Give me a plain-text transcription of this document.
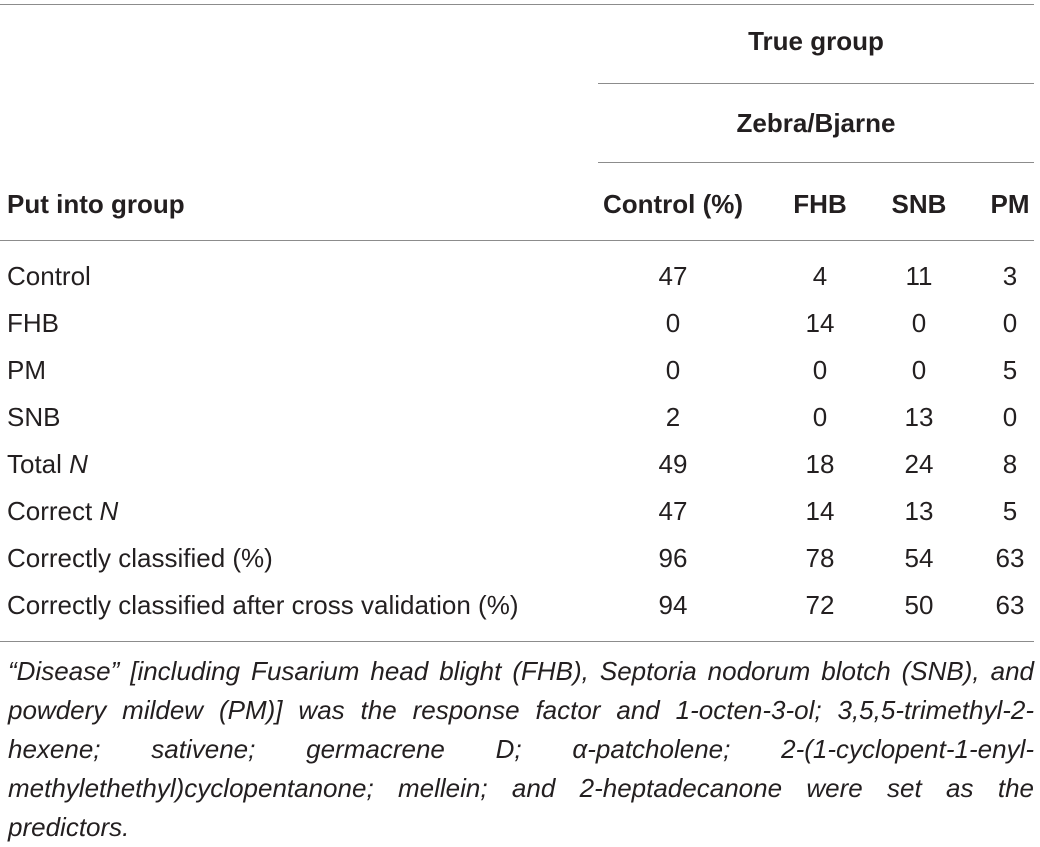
True group
Zebra/Bjarne
Put into group	Control (%)	FHB	SNB	PM
Control	47	4	11	3
FHB	0	14	0	0
PM	0	0	0	5
SNB	2	0	13	0
Total N	49	18	24	8
Correct N	47	14	13	5
Correctly classified (%)	96	78	54	63
Correctly classified after cross validation (%)	94	72	50	63
“Disease” [including Fusarium head blight (FHB), Septoria nodorum blotch (SNB), and powdery mildew (PM)] was the response factor and 1-octen-3-ol; 3,5,5-trimethyl-2-hexene; sativene; germacrene D; α-patcholene; 2-(1-cyclopent-1-enyl-methylethethyl)cyclopentanone; mellein; and 2-heptadecanone were set as the predictors.
